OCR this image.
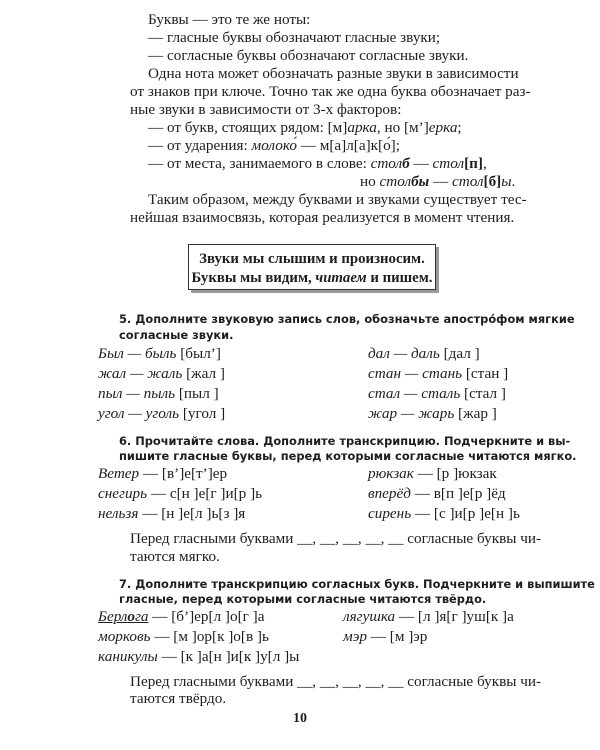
Буквы — это те же ноты:
— гласные буквы обозначают гласные звуки;
— согласные буквы обозначают согласные звуки.
Одна нота может обозначать разные звуки в зависимости
от знаков при ключе. Точно так же одна буква обозначает раз-
ные звуки в зависимости от 3-х факторов:
— от букв, стоящих рядом: [м]арка, но [м’]ерка;
— от ударения: молоко́ — м[а]л[а]к[о́];
— от места, занимаемого в слове: столб — стол[п],
но столбы — стол[б]ы.
Таким образом, между буквами и звуками существует тес-
нейшая взаимосвязь, которая реализуется в момент чтения.
Звуки мы слышим и произносим.
Буквы мы видим, читаем и пишем.
5. Дополните звуковую запись слов, обозначьте апостро́фом мягкие
согласные звуки.
Был — быль [был’]
жал — жаль [жал ]
пыл — пыль [пыл ]
угол — уголь [угол ]
дал — даль [дал ]
стан — стань [стан ]
стал — сталь [стал ]
жар — жарь [жар ]
6. Прочитайте слова. Дополните транскрипцию. Подчеркните и вы-
пишите гласные буквы, перед которыми согласные читаются мягко.
Ветер — [в’]е[т’]ер
снегирь — с[н ]е[г ]и[р ]ь
нельзя — [н ]е[л ]ь[з ]я
рюкзак — [р ]юкзак
вперёд — в[п ]е[р ]ёд
сирень — [с ]и[р ]е[н ]ь
Перед гласными буквами __, __, __, __, __ согласные буквы чи-
таются мягко.
7. Дополните транскрипцию согласных букв. Подчеркните и выпишите
гласные, перед которыми согласные читаются твёрдо.
Берлога — [б’]ер[л ]о[г ]а
морковь — [м ]ор[к ]о[в ]ь
каникулы — [к ]а[н ]и[к ]у[л ]ы
лягушка — [л ]я[г ]уш[к ]а
мэр — [м ]эр
Перед гласными буквами __, __, __, __, __ согласные буквы чи-
таются твёрдо.
10
